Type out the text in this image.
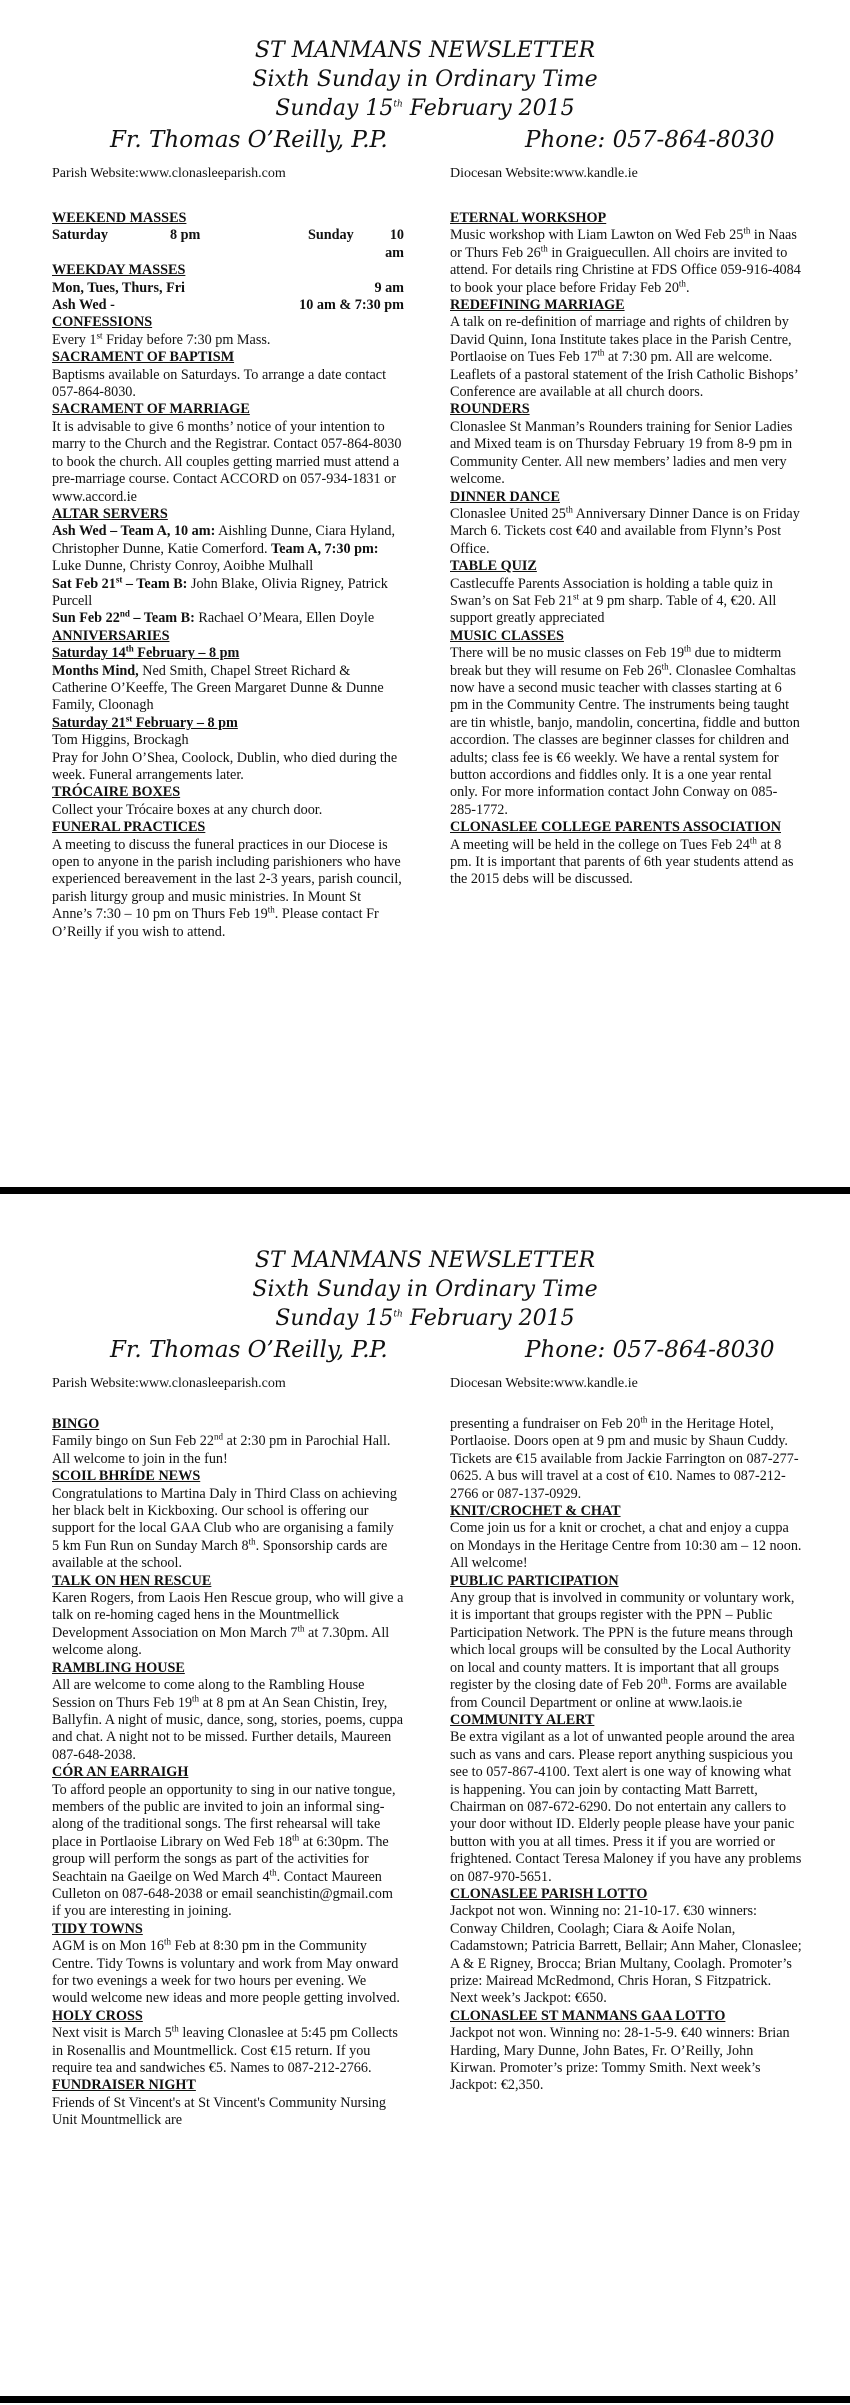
ST MANMANS NEWSLETTER
Sixth Sunday in Ordinary Time
Sunday 15th February 2015
Fr. Thomas O’Reilly, P.P.	Phone: 057-864-8030
Parish Website:www.clonasleeparish.com	Diocesan Website:www.kandle.ie

WEEKEND MASSES

Saturday	8 pm	Sunday	10 am

WEEKDAY MASSES

Mon, Tues, Thurs, Fri	9 am
Ash Wed -	10 am & 7:30 pm

CONFESSIONS

Every 1st Friday before 7:30 pm Mass.

SACRAMENT OF BAPTISM

Baptisms available on Saturdays. To arrange a date contact 057-864-8030.

SACRAMENT OF MARRIAGE

It is advisable to give 6 months’ notice of your intention to marry to the Church and the Registrar. Contact 057-864-8030 to book the church. All couples getting married must attend a pre-marriage course. Contact ACCORD on 057-934-1831 or www.accord.ie

ALTAR SERVERS

Ash Wed – Team A, 10 am: Aishling Dunne, Ciara Hyland, Christopher Dunne, Katie Comerford. Team A, 7:30 pm: Luke Dunne, Christy Conroy, Aoibhe Mulhall

Sat Feb 21st – Team B: John Blake, Olivia Rigney, Patrick Purcell

Sun Feb 22nd – Team B: Rachael O’Meara, Ellen Doyle

ANNIVERSARIES

Saturday 14th February – 8 pm

Months Mind, Ned Smith, Chapel Street Richard & Catherine O’Keeffe, The Green Margaret Dunne & Dunne Family, Cloonagh

Saturday 21st February – 8 pm

Tom Higgins, Brockagh

Pray for John O’Shea, Coolock, Dublin, who died during the week. Funeral arrangements later.

TRÓCAIRE BOXES

Collect your Trócaire boxes at any church door.

FUNERAL PRACTICES

A meeting to discuss the funeral practices in our Diocese is open to anyone in the parish including parishioners who have experienced bereavement in the last 2-3 years, parish council, parish liturgy group and music ministries. In Mount St Anne’s 7:30 – 10 pm on Thurs Feb 19th. Please contact Fr O’Reilly if you wish to attend.

ETERNAL WORKSHOP

Music workshop with Liam Lawton on Wed Feb 25th in Naas or Thurs Feb 26th in Graiguecullen. All choirs are invited to attend. For details ring Christine at FDS Office 059-916-4084 to book your place before Friday Feb 20th.

REDEFINING MARRIAGE

A talk on re-definition of marriage and rights of children by David Quinn, Iona Institute takes place in the Parish Centre, Portlaoise on Tues Feb 17th at 7:30 pm. All are welcome. Leaflets of a pastoral statement of the Irish Catholic Bishops’ Conference are available at all church doors.

ROUNDERS

Clonaslee St Manman’s Rounders training for Senior Ladies and Mixed team is on Thursday February 19 from 8-9 pm in Community Center. All new members’ ladies and men very welcome.

DINNER DANCE

Clonaslee United 25th Anniversary Dinner Dance is on Friday March 6. Tickets cost €40 and available from Flynn’s Post Office.

TABLE QUIZ

Castlecuffe Parents Association is holding a table quiz in Swan’s on Sat Feb 21st at 9 pm sharp. Table of 4, €20. All support greatly appreciated

MUSIC CLASSES

There will be no music classes on Feb 19th due to midterm break but they will resume on Feb 26th. Clonaslee Comhaltas now have a second music teacher with classes starting at 6 pm in the Community Centre. The instruments being taught are tin whistle, banjo, mandolin, concertina, fiddle and button accordion. The classes are beginner classes for children and adults; class fee is €6 weekly. We have a rental system for button accordions and fiddles only. It is a one year rental only. For more information contact John Conway on 085-285-1772.

CLONASLEE COLLEGE PARENTS ASSOCIATION

A meeting will be held in the college on Tues Feb 24th at 8 pm. It is important that parents of 6th year students attend as the 2015 debs will be discussed.

ST MANMANS NEWSLETTER
Sixth Sunday in Ordinary Time
Sunday 15th February 2015
Fr. Thomas O’Reilly, P.P.	Phone: 057-864-8030
Parish Website:www.clonasleeparish.com	Diocesan Website:www.kandle.ie

BINGO

Family bingo on Sun Feb 22nd at 2:30 pm in Parochial Hall. All welcome to join in the fun!

SCOIL BHRÍDE NEWS

Congratulations to Martina Daly in Third Class on achieving her black belt in Kickboxing. Our school is offering our support for the local GAA Club who are organising a family 5 km Fun Run on Sunday March 8th. Sponsorship cards are available at the school.

TALK ON HEN RESCUE

Karen Rogers, from Laois Hen Rescue group, who will give a talk on re-homing caged hens in the Mountmellick Development Association on Mon March 7th at 7.30pm. All welcome along.

RAMBLING HOUSE

All are welcome to come along to the Rambling House Session on Thurs Feb 19th at 8 pm at An Sean Chistin, Irey, Ballyfin. A night of music, dance, song, stories, poems, cuppa and chat. A night not to be missed. Further details, Maureen 087-648-2038.

CÓR AN EARRAIGH

To afford people an opportunity to sing in our native tongue, members of the public are invited to join an informal sing-along of the traditional songs. The first rehearsal will take place in Portlaoise Library on Wed Feb 18th at 6:30pm. The group will perform the songs as part of the activities for Seachtain na Gaeilge on Wed March 4th. Contact Maureen Culleton on 087-648-2038 or email seanchistin@gmail.com if you are interesting in joining.

TIDY TOWNS

AGM is on Mon 16th Feb at 8:30 pm in the Community Centre. Tidy Towns is voluntary and work from May onward for two evenings a week for two hours per evening. We would welcome new ideas and more people getting involved.

HOLY CROSS

Next visit is March 5th leaving Clonaslee at 5:45 pm Collects in Rosenallis and Mountmellick. Cost €15 return. If you require tea and sandwiches €5. Names to 087-212-2766.

FUNDRAISER NIGHT

Friends of St Vincent's at St Vincent's Community Nursing Unit Mountmellick are

presenting a fundraiser on Feb 20th in the Heritage Hotel, Portlaoise. Doors open at 9 pm and music by Shaun Cuddy. Tickets are €15 available from Jackie Farrington on 087-277-0625. A bus will travel at a cost of €10. Names to 087-212-2766 or 087-137-0929.

KNIT/CROCHET & CHAT

Come join us for a knit or crochet, a chat and enjoy a cuppa on Mondays in the Heritage Centre from 10:30 am – 12 noon. All welcome!

PUBLIC PARTICIPATION

Any group that is involved in community or voluntary work, it is important that groups register with the PPN – Public Participation Network. The PPN is the future means through which local groups will be consulted by the Local Authority on local and county matters. It is important that all groups register by the closing date of Feb 20th. Forms are available from Council Department or online at www.laois.ie

COMMUNITY ALERT

Be extra vigilant as a lot of unwanted people around the area such as vans and cars. Please report anything suspicious you see to 057-867-4100. Text alert is one way of knowing what is happening. You can join by contacting Matt Barrett, Chairman on 087-672-6290. Do not entertain any callers to your door without ID. Elderly people please have your panic button with you at all times. Press it if you are worried or frightened. Contact Teresa Maloney if you have any problems on 087-970-5651.

CLONASLEE PARISH LOTTO

Jackpot not won. Winning no: 21-10-17. €30 winners: Conway Children, Coolagh; Ciara & Aoife Nolan, Cadamstown; Patricia Barrett, Bellair; Ann Maher, Clonaslee; A & E Rigney, Brocca; Brian Multany, Coolagh. Promoter’s prize: Mairead McRedmond, Chris Horan, S Fitzpatrick. Next week’s Jackpot: €650.

CLONASLEE ST MANMANS GAA LOTTO

Jackpot not won. Winning no: 28-1-5-9. €40 winners: Brian Harding, Mary Dunne, John Bates, Fr. O’Reilly, John Kirwan. Promoter’s prize: Tommy Smith. Next week’s Jackpot: €2,350.
